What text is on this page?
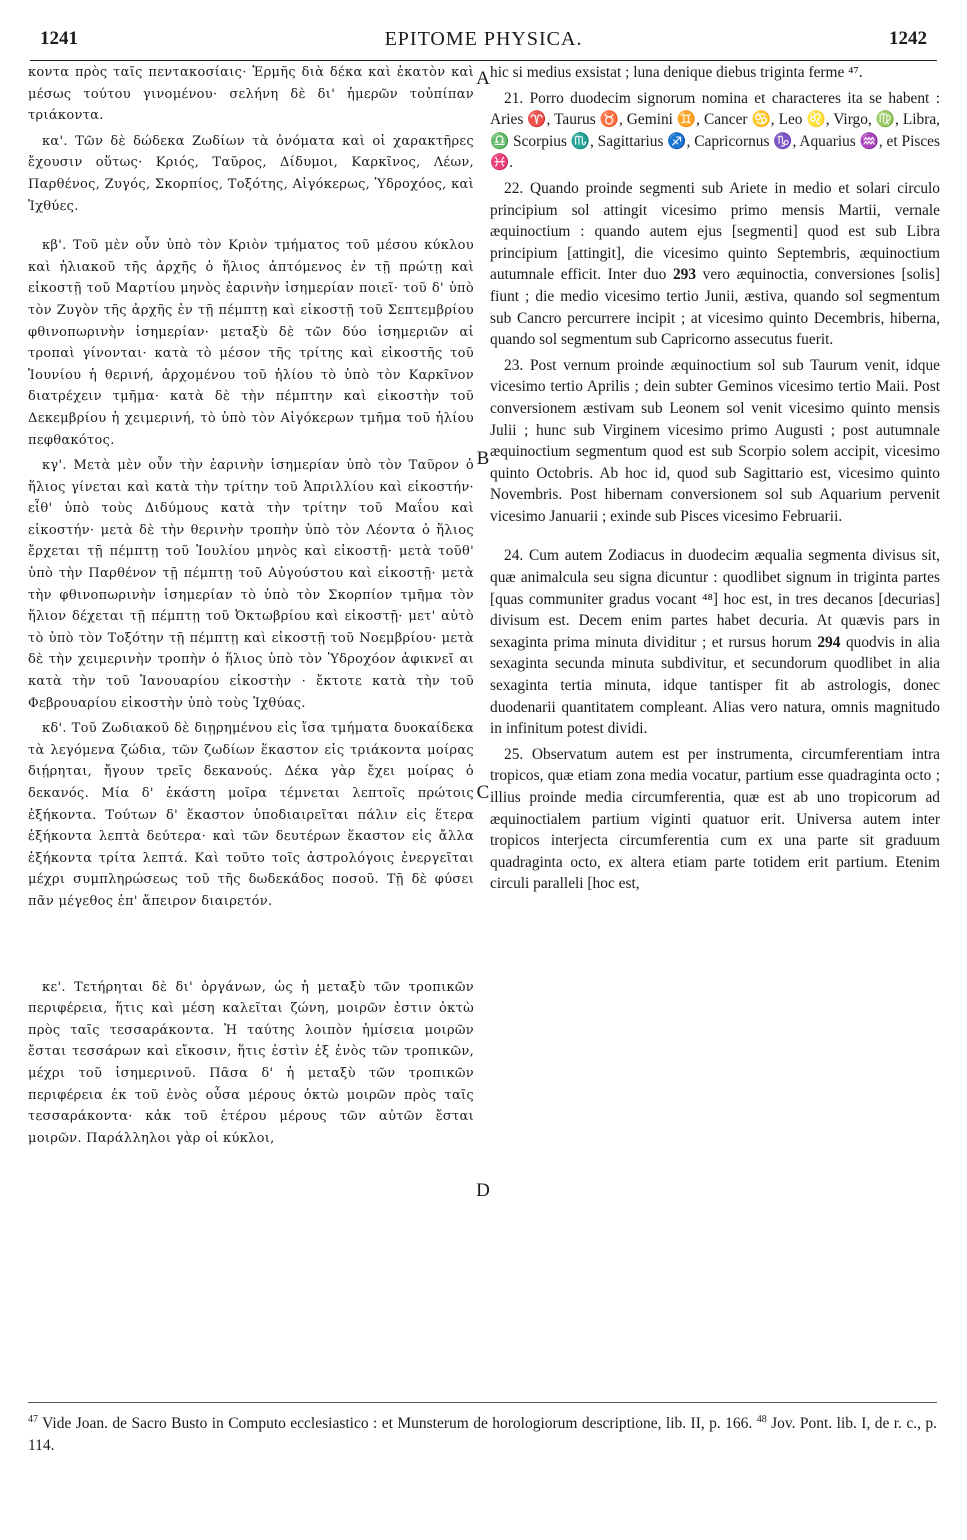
1241	EPITOME PHYSICA.	1242

κοντα πρὸς ταῖς πεντακοσίαις· Ἑρμῆς διὰ δέκα καὶ ἑκατὸν καὶ μέσως τούτου γινομένου· σελήνη δὲ δι' ἡμερῶν τοὐπίπαν τριάκοντα.

κα'. Τῶν δὲ δώδεκα Ζωδίων τὰ ὀνόματα καὶ οἱ χαρακτῆρες ἔχουσιν οὕτως· Κριός, Ταῦρος, Δίδυμοι, Καρκῖνος, Λέων, Παρθένος, Ζυγός, Σκορπίος, Τοξότης, Αἰγόκερως, Ὑδροχόος, καὶ Ἰχθύες.

κβ'. Τοῦ μὲν οὖν ὑπὸ τὸν Κριὸν τμήματος τοῦ μέσου κύκλου καὶ ἡλιακοῦ τῆς ἀρχῆς ὁ ἥλιος ἀπτόμενος ἐν τῇ πρώτῃ καὶ εἰκοστῇ τοῦ Μαρτίου μηνὸς ἐαρινὴν ἰσημερίαν ποιεῖ· τοῦ δ' ὑπὸ τὸν Ζυγὸν τῆς ἀρχῆς ἐν τῇ πέμπτῃ καὶ εἰκοστῇ τοῦ Σεπτεμβρίου φθινοπωρινὴν ἰσημερίαν· μεταξὺ δὲ τῶν δύο ἰσημεριῶν αἱ τροπαὶ γίνονται· κατὰ τὸ μέσον τῆς τρίτης καὶ εἰκοστῆς τοῦ Ἰουνίου ἡ θερινή, ἀρχομένου τοῦ ἡλίου τὸ ὑπὸ τὸν Καρκῖνον διατρέχειν τμῆμα· κατὰ δὲ τὴν πέμπτην καὶ εἰκοστὴν τοῦ Δεκεμβρίου ἡ χειμερινή, τὸ ὑπὸ τὸν Αἰγόκερων τμῆμα τοῦ ἡλίου πεφθακότος.

κγ'. Μετὰ μὲν οὖν τὴν ἐαρινὴν ἰσημερίαν ὑπὸ τὸν Ταῦρον ὁ ἥλιος γίνεται καὶ κατὰ τὴν τρίτην τοῦ Ἀπριλλίου καὶ εἰκοστήν· εἶθ' ὑπὸ τοὺς Διδύμους κατὰ τὴν τρίτην τοῦ Μαΐου καὶ εἰκοστήν· μετὰ δὲ τὴν θερινὴν τροπὴν ὑπὸ τὸν Λέοντα ὁ ἥλιος ἔρχεται τῇ πέμπτῃ τοῦ Ἰουλίου μηνὸς καὶ εἰκοστῇ· μετὰ τοῦθ' ὑπὸ τὴν Παρθένον τῇ πέμπτῃ τοῦ Αὐγούστου καὶ εἰκοστῇ· μετὰ τὴν φθινοπωρινὴν ἰσημερίαν τὸ ὑπὸ τὸν Σκορπίον τμῆμα τὸν ἥλιον δέχεται τῇ πέμπτῃ τοῦ Ὀκτωβρίου καὶ εἰκοστῇ· μετ' αὐτὸ τὸ ὑπὸ τὸν Τοξότην τῇ πέμπτῃ καὶ εἰκοστῇ τοῦ Νοεμβρίου· μετὰ δὲ τὴν χειμερινὴν τροπὴν ὁ ἥλιος ὑπὸ τὸν Ὑδροχόον ἀφικνεῖ αι κατὰ τὴν τοῦ Ἰανουαρίου εἰκοστὴν · ἔκτοτε κατὰ τὴν τοῦ Φεβρουαρίου εἰκοστὴν ὑπὸ τοὺς Ἰχθύας.

κδ'. Τοῦ Ζωδιακοῦ δὲ διῃρημένου εἰς ἴσα τμήματα δυοκαίδεκα τὰ λεγόμενα ζώδια, τῶν ζωδίων ἕκαστον εἰς τριάκοντα μοίρας διῄρηται, ἤγουν τρεῖς δεκανούς. Δέκα γὰρ ἔχει μοίρας ὁ δεκανός. Μία δ' ἑκάστη μοῖρα τέμνεται λεπτοῖς πρώτοις ἑξήκοντα. Τούτων δ' ἕκαστον ὑποδιαιρεῖται πάλιν εἰς ἕτερα ἑξήκοντα λεπτὰ δεύτερα· καὶ τῶν δευτέρων ἕκαστον εἰς ἄλλα ἑξήκοντα τρίτα λεπτά. Καὶ τοῦτο τοῖς ἀστρολόγοις ἐνεργεῖται μέχρι συμπληρώσεως τοῦ τῆς δωδεκάδος ποσοῦ. Τῇ δὲ φύσει πᾶν μέγεθος ἐπ' ἄπειρον διαιρετόν.

κε'. Τετήρηται δὲ δι' ὀργάνων, ὡς ἡ μεταξὺ τῶν τροπικῶν περιφέρεια, ἥτις καὶ μέση καλεῖται ζώνη, μοιρῶν ἐστιν ὀκτὼ πρὸς ταῖς τεσσαράκοντα. Ἡ ταύτης λοιπὸν ἡμίσεια μοιρῶν ἔσται τεσσάρων καὶ εἴκοσιν, ἥτις ἐστὶν ἐξ ἑνὸς τῶν τροπικῶν, μέχρι τοῦ ἰσημερινοῦ. Πᾶσα δ' ἡ μεταξὺ τῶν τροπικῶν περιφέρεια ἐκ τοῦ ἑνὸς οὖσα μέρους ὀκτὼ μοιρῶν πρὸς ταῖς τεσσαράκοντα· κἀκ τοῦ ἑτέρου μέρους τῶν αὐτῶν ἔσται μοιρῶν. Παράλληλοι γὰρ οἱ κύκλοι,

A
B
C
D

hic si medius exsistat ; luna denique diebus triginta ferme ⁴⁷.

21. Porro duodecim signorum nomina et characteres ita se habent : Aries ♈, Taurus ♉, Gemini ♊, Cancer ♋, Leo ♌, Virgo, ♍, Libra, ♎ Scorpius ♏, Sagittarius ♐, Capricornus ♑, Aquarius ♒, et Pisces ♓.

22. Quando proinde segmenti sub Ariete in medio et solari circulo principium sol attingit vicesimo primo mensis Martii, vernale æquinoctium : quando autem ejus [segmenti] quod est sub Libra principium [attingit], die vicesimo quinto Septembris, æquinoctium autumnale efficit. Inter duo 293 vero æquinoctia, conversiones [solis] fiunt ; die medio vicesimo tertio Junii, æstiva, quando sol segmentum sub Cancro percurrere incipit ; at vicesimo quinto Decembris, hiberna, quando sol segmentum sub Capricorno assecutus fuerit.

23. Post vernum proinde æquinoctium sol sub Taurum venit, idque vicesimo tertio Aprilis ; dein subter Geminos vicesimo tertio Maii. Post conversionem æstivam sub Leonem sol venit vicesimo quinto mensis Julii ; hunc sub Virginem vicesimo primo Augusti ; post autumnale æquinoctium segmentum quod est sub Scorpio solem accipit, vicesimo quinto Octobris. Ab hoc id, quod sub Sagittario est, vicesimo quinto Novembris. Post hibernam conversionem sol sub Aquarium pervenit vicesimo Januarii ; exinde sub Pisces vicesimo Februarii.

24. Cum autem Zodiacus in duodecim æqualia segmenta divisus sit, quæ animalcula seu signa dicuntur : quodlibet signum in triginta partes [quas communiter gradus vocant ⁴⁸] hoc est, in tres decanos [decurias] divisum est. Decem enim partes habet decuria. At quævis pars in sexaginta prima minuta dividitur ; et rursus horum 294 quodvis in alia sexaginta secunda minuta subdivitur, et secundorum quodlibet in alia sexaginta tertia minuta, idque tantisper fit ab astrologis, donec duodenarii quantitatem compleant. Alias vero natura, omnis magnitudo in infinitum potest dividi.

25. Observatum autem est per instrumenta, circumferentiam intra tropicos, quæ etiam zona media vocatur, partium esse quadraginta octo ; illius proinde media circumferentia, quæ est ab uno tropicorum ad æquinoctialem partium viginti quatuor erit. Universa autem inter tropicos interjecta circumferentia cum ex una parte sit graduum quadraginta octo, ex altera etiam parte totidem erit partium. Etenim circuli paralleli [hoc est,

$^{47}$ Vide Joan. de Sacro Busto in Computo ecclesiastico : et Munsterum de horologiorum descriptione, lib. II, p. 166. $^{48}$ Jov. Pont. lib. I, de r. c., p. 114.
